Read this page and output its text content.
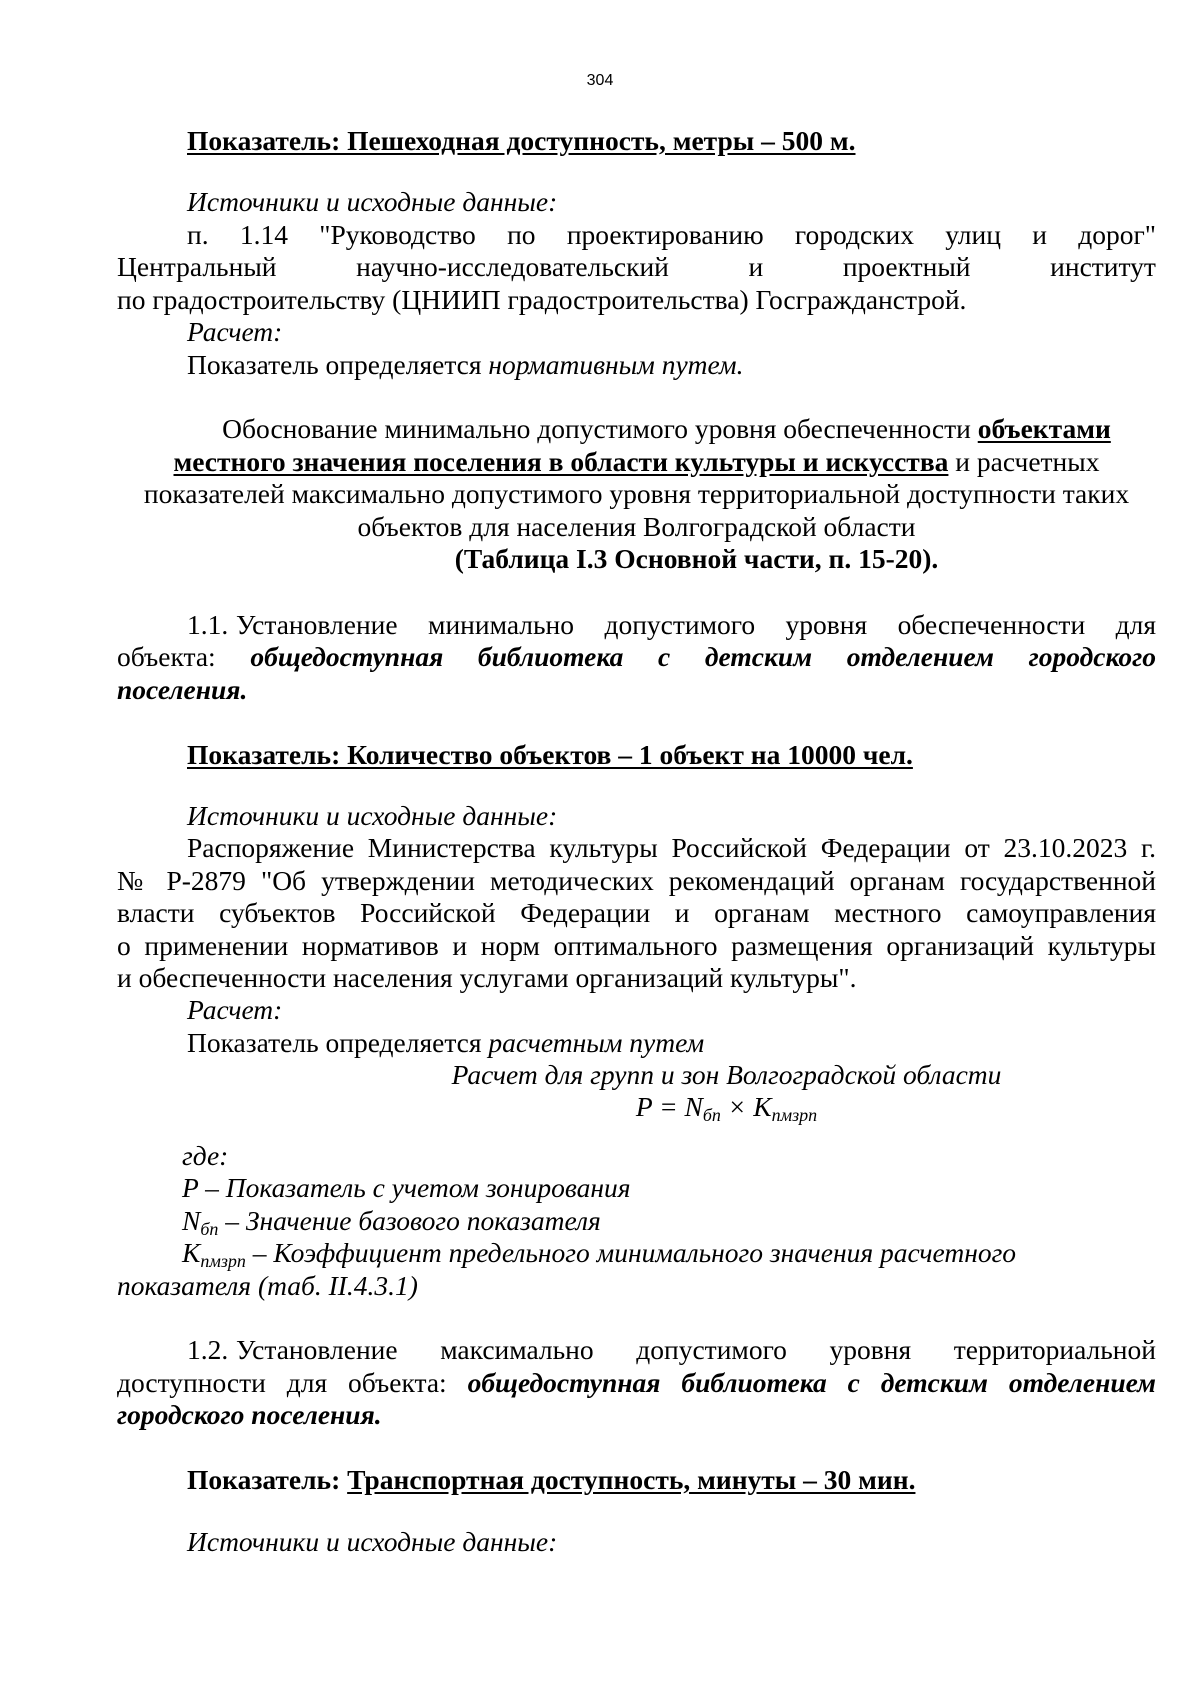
304
Показатель: Пешеходная доступность, метры – 500 м.
Источники и исходные данные:
п. 1.14 "Руководство по проектированию городских улиц и дорог"
Центральный	научно-исследовательский	и	проектный	институт
по градостроительству (ЦНИИП градостроительства) Госгражданстрой.
Расчет:
Показатель определяется нормативным путем.
Обоснование минимально допустимого уровня обеспеченности объектами
местного значения поселения в области культуры и искусства и расчетных
показателей максимально допустимого уровня территориальной доступности таких
объектов для населения Волгоградской области
(Таблица I.3 Основной части, п. 15-20).
1.1. Установление минимально допустимого уровня обеспеченности для
объекта: общедоступная библиотека с детским отделением городского
поселения.
Показатель: Количество объектов – 1 объект на 10000 чел.
Источники и исходные данные:
Распоряжение Министерства культуры Российской Федерации от 23.10.2023 г.
№ Р-2879 "Об утверждении методических рекомендаций органам государственной
власти субъектов Российской Федерации и органам местного самоуправления
о применении нормативов и норм оптимального размещения организаций культуры
и обеспеченности населения услугами организаций культуры".
Расчет:
Показатель определяется расчетным путем
Расчет для групп и зон Волгоградской области
$P = N_{бп} \times K_{пмзрп}$
где:
P – Показатель с учетом зонирования
$N_{бп}$ – Значение базового показателя
$K_{пмзрп}$ – Коэффициент предельного минимального значения расчетного
показателя (таб. II.4.3.1)
1.2. Установление максимально допустимого уровня территориальной
доступности для объекта: общедоступная библиотека с детским отделением
городского поселения.
Показатель: Транспортная доступность, минуты – 30 мин.
Источники и исходные данные:
